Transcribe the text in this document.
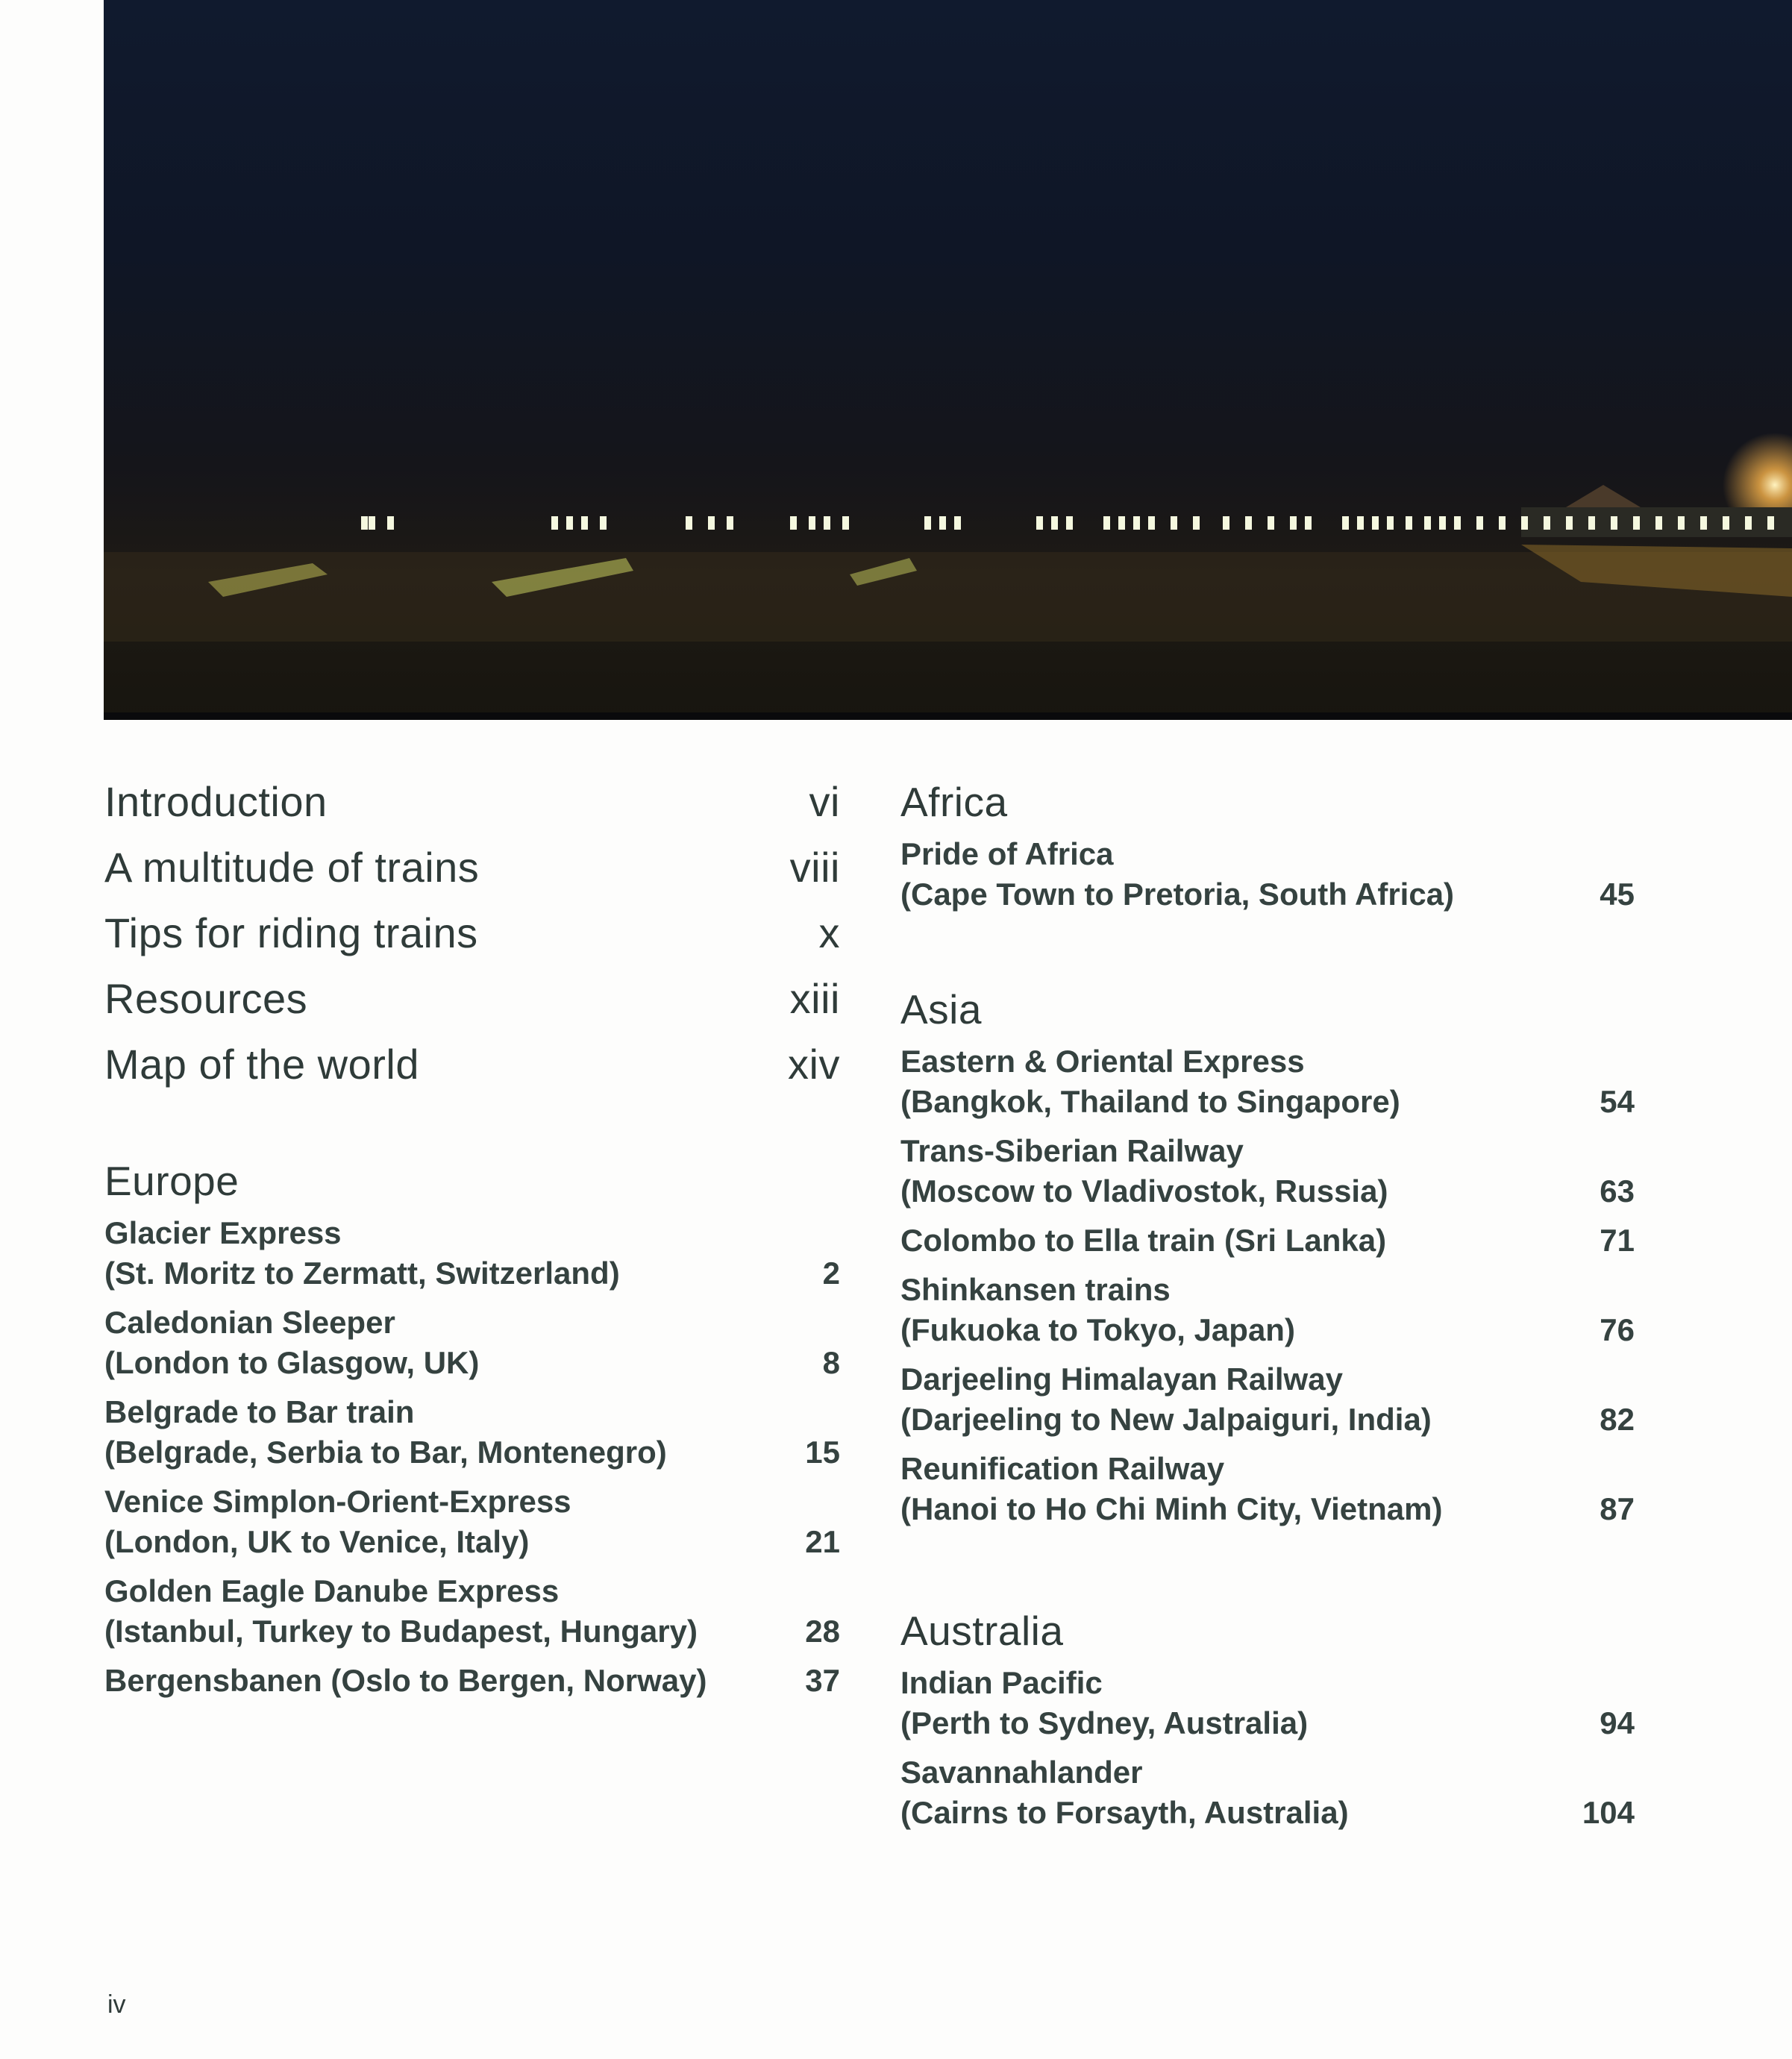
Introduction	vi
A multitude of trains	viii
Tips for riding trains	x
Resources	xiii
Map of the world	xiv
Europe
Glacier Express
(St. Moritz to Zermatt, Switzerland)	2
Caledonian Sleeper
(London to Glasgow, UK)	8
Belgrade to Bar train
(Belgrade, Serbia to Bar, Montenegro)	15
Venice Simplon-Orient-Express
(London, UK to Venice, Italy)	21
Golden Eagle Danube Express
(Istanbul, Turkey to Budapest, Hungary)	28
Bergensbanen (Oslo to Bergen, Norway)	37
Africa
Pride of Africa
(Cape Town to Pretoria, South Africa)	45
Asia
Eastern & Oriental Express
(Bangkok, Thailand to Singapore)	54
Trans-Siberian Railway
(Moscow to Vladivostok, Russia)	63
Colombo to Ella train (Sri Lanka)	71
Shinkansen trains
(Fukuoka to Tokyo, Japan)	76
Darjeeling Himalayan Railway
(Darjeeling to New Jalpaiguri, India)	82
Reunification Railway
(Hanoi to Ho Chi Minh City, Vietnam)	87
Australia
Indian Pacific
(Perth to Sydney, Australia)	94
Savannahlander
(Cairns to Forsayth, Australia)	104
iv
